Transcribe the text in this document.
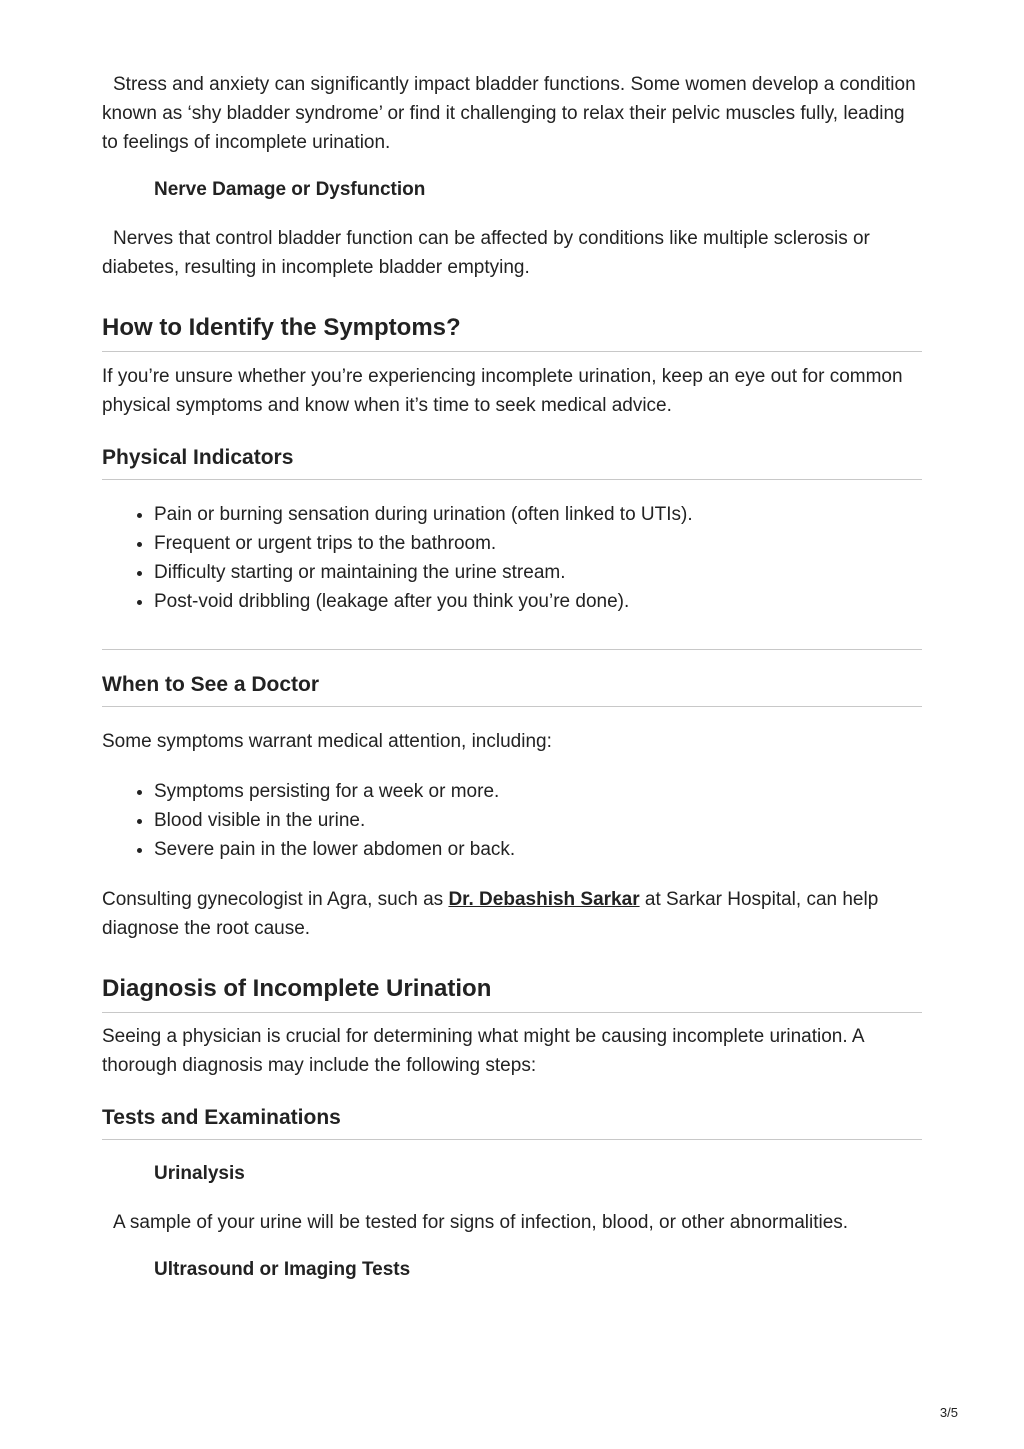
Stress and anxiety can significantly impact bladder functions. Some women develop a condition known as ‘shy bladder syndrome’ or find it challenging to relax their pelvic muscles fully, leading to feelings of incomplete urination.

Nerve Damage or Dysfunction

Nerves that control bladder function can be affected by conditions like multiple sclerosis or diabetes, resulting in incomplete bladder emptying.

How to Identify the Symptoms?

If you’re unsure whether you’re experiencing incomplete urination, keep an eye out for common physical symptoms and know when it’s time to seek medical advice.

Physical Indicators
• Pain or burning sensation during urination (often linked to UTIs).
• Frequent or urgent trips to the bathroom.
• Difficulty starting or maintaining the urine stream.
• Post-void dribbling (leakage after you think you’re done).
When to See a Doctor

Some symptoms warrant medical attention, including:

• Symptoms persisting for a week or more.
• Blood visible in the urine.
• Severe pain in the lower abdomen or back.

Consulting gynecologist in Agra, such as Dr. Debashish Sarkar at Sarkar Hospital, can help diagnose the root cause.

Diagnosis of Incomplete Urination

Seeing a physician is crucial for determining what might be causing incomplete urination. A thorough diagnosis may include the following steps:

Tests and Examinations
Urinalysis

A sample of your urine will be tested for signs of infection, blood, or other abnormalities.

Ultrasound or Imaging Tests
3/5
